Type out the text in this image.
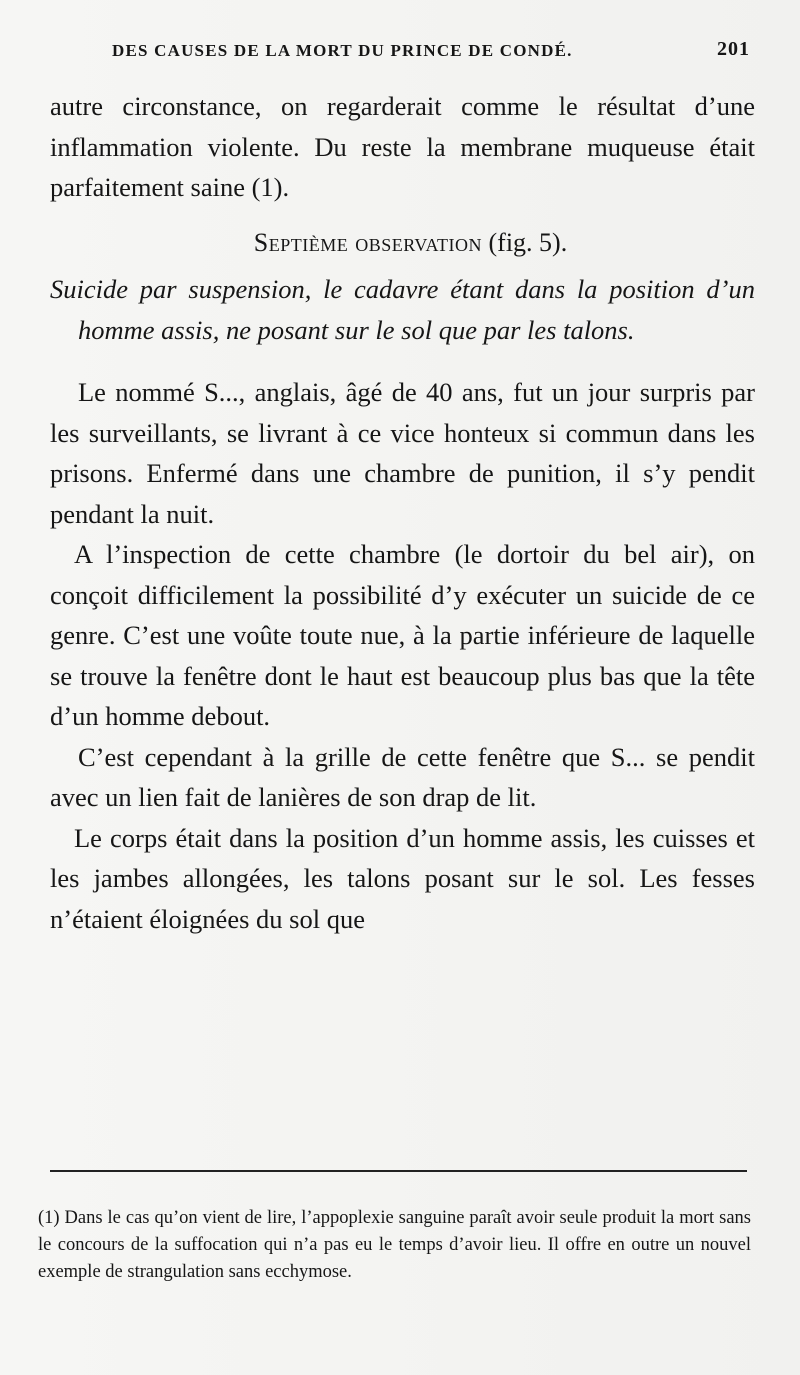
DES CAUSES DE LA MORT DU PRINCE DE CONDÉ.	201

autre circonstance, on regarderait comme le résultat d’une inflammation violente. Du reste la membrane muqueuse était parfaitement saine (1).

Septième observation (fig. 5).

Suicide par suspension, le cadavre étant dans la position d’un homme assis, ne posant sur le sol que par les talons.

Le nommé S..., anglais, âgé de 40 ans, fut un jour surpris par les surveillants, se livrant à ce vice honteux si commun dans les prisons. Enfermé dans une chambre de punition, il s’y pendit pendant la nuit.

A l’inspection de cette chambre (le dortoir du bel air), on conçoit difficilement la possibilité d’y exécuter un suicide de ce genre. C’est une voûte toute nue, à la partie inférieure de laquelle se trouve la fenêtre dont le haut est beaucoup plus bas que la tête d’un homme debout.

C’est cependant à la grille de cette fenêtre que S... se pendit avec un lien fait de lanières de son drap de lit.

Le corps était dans la position d’un homme assis, les cuisses et les jambes allongées, les talons posant sur le sol. Les fesses n’étaient éloignées du sol que

(1) Dans le cas qu’on vient de lire, l’appoplexie sanguine paraît avoir seule produit la mort sans le concours de la suffocation qui n’a pas eu le temps d’avoir lieu. Il offre en outre un nouvel exemple de strangulation sans ecchymose.
